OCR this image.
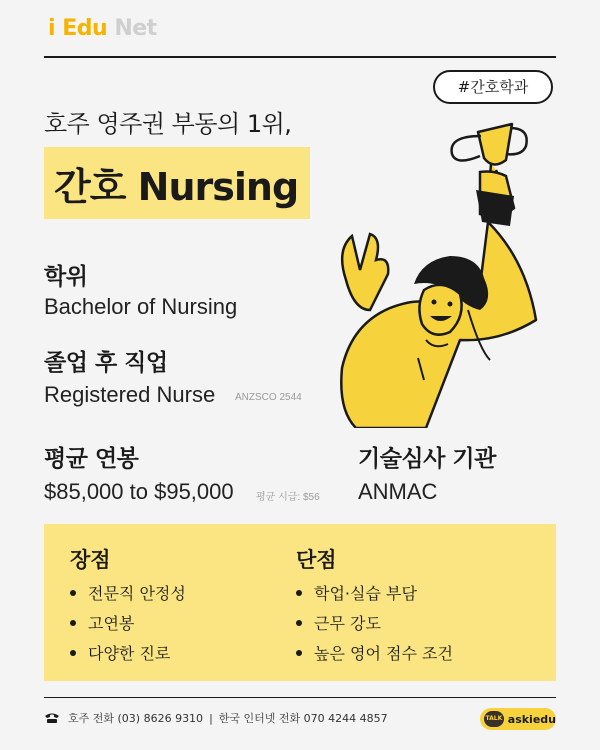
i Edu Net
#간호학과
호주 영주권 부동의 1위,
간호 Nursing
학위
Bachelor of Nursing
졸업 후 직업
Registered Nurse ANZSCO 2544
평균 연봉
$85,000 to $95,000 평균 시급: $56
기술심사 기관
ANMAC
장점
전문직 안정성
고연봉
다양한 진로
단점
학업·실습 부담
근무 강도
높은 영어 점수 조건
호주 전화 (03) 8626 9310 | 한국 인터넷 전화 070 4244 4857	TALK askiedu
